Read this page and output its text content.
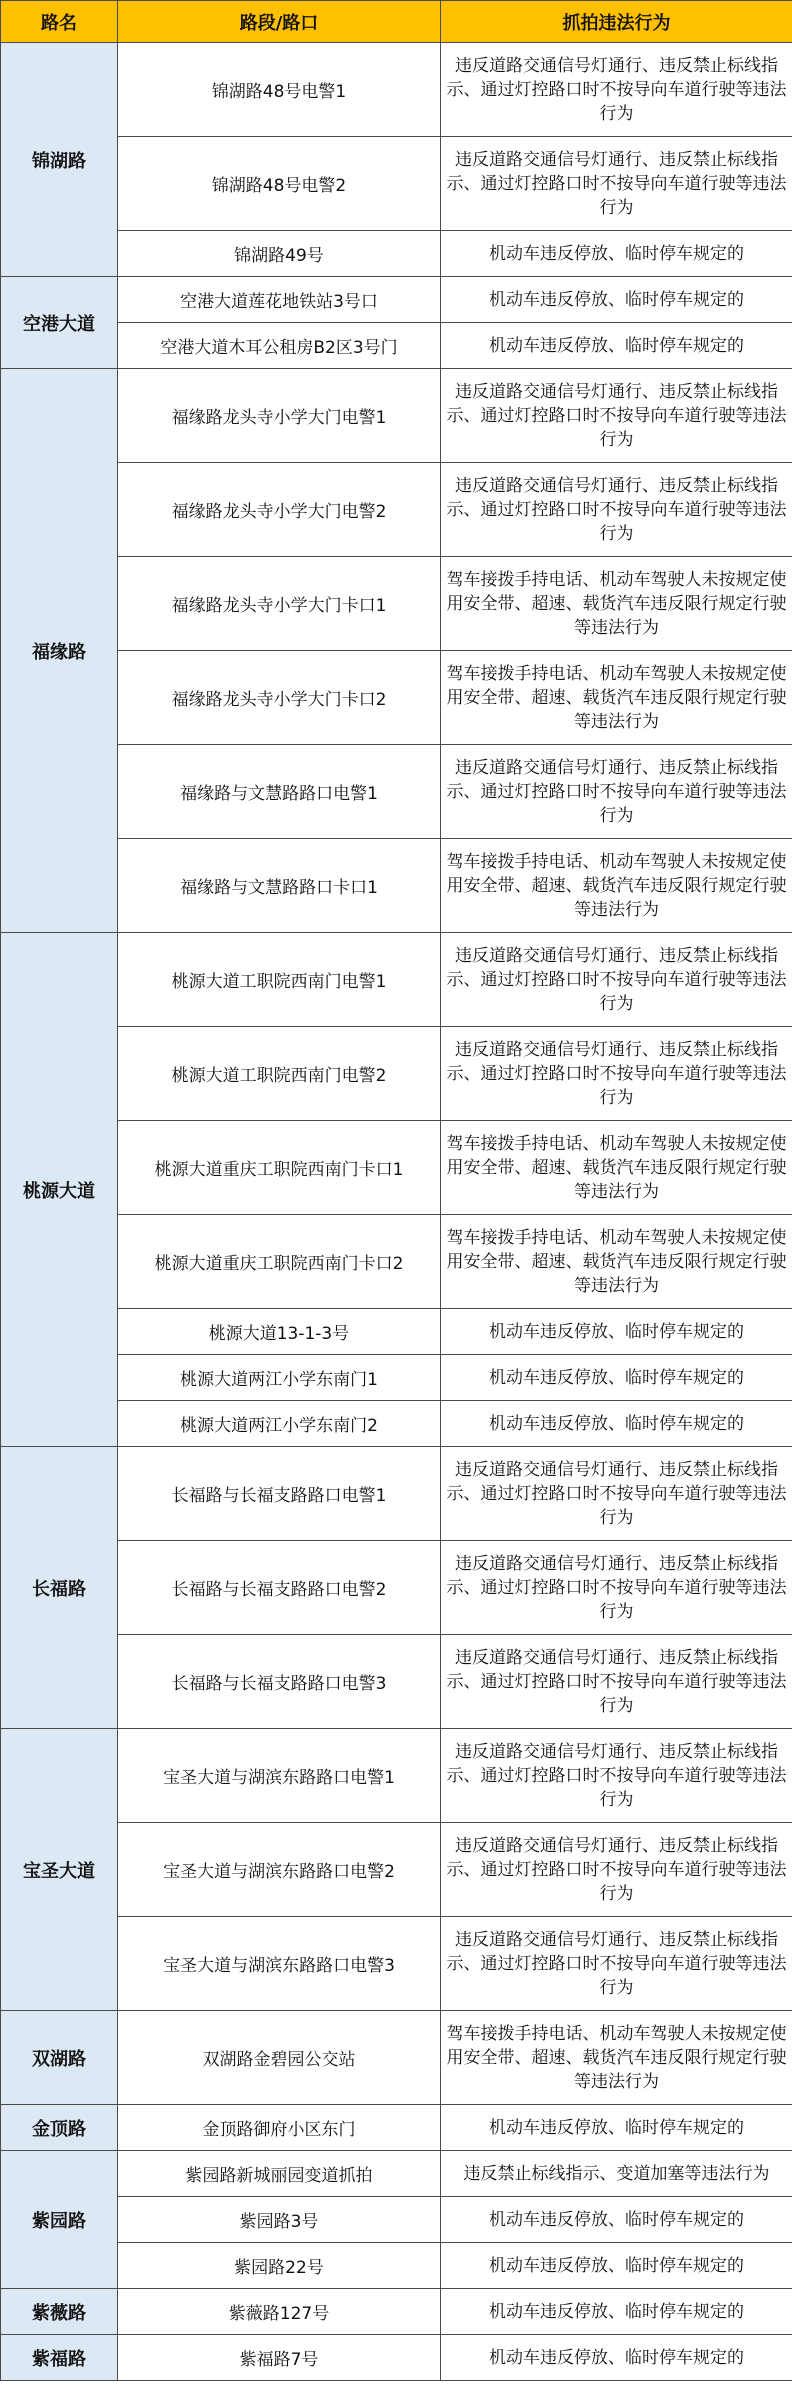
路名	路段/路口	抓拍违法行为
锦湖路	锦湖路48号电警1	违反道路交通信号灯通行、违反禁止标线指示、通过灯控路口时不按导向车道行驶等违法行为
	锦湖路48号电警2	违反道路交通信号灯通行、违反禁止标线指示、通过灯控路口时不按导向车道行驶等违法行为
	锦湖路49号	机动车违反停放、临时停车规定的
空港大道	空港大道莲花地铁站3号口	机动车违反停放、临时停车规定的
	空港大道木耳公租房B2区3号门	机动车违反停放、临时停车规定的
福缘路	福缘路龙头寺小学大门电警1	违反道路交通信号灯通行、违反禁止标线指示、通过灯控路口时不按导向车道行驶等违法行为
	福缘路龙头寺小学大门电警2	违反道路交通信号灯通行、违反禁止标线指示、通过灯控路口时不按导向车道行驶等违法行为
	福缘路龙头寺小学大门卡口1	驾车接拨手持电话、机动车驾驶人未按规定使用安全带、超速、载货汽车违反限行规定行驶等违法行为
	福缘路龙头寺小学大门卡口2	驾车接拨手持电话、机动车驾驶人未按规定使用安全带、超速、载货汽车违反限行规定行驶等违法行为
	福缘路与文慧路路口电警1	违反道路交通信号灯通行、违反禁止标线指示、通过灯控路口时不按导向车道行驶等违法行为
	福缘路与文慧路路口卡口1	驾车接拨手持电话、机动车驾驶人未按规定使用安全带、超速、载货汽车违反限行规定行驶等违法行为
桃源大道	桃源大道工职院西南门电警1	违反道路交通信号灯通行、违反禁止标线指示、通过灯控路口时不按导向车道行驶等违法行为
	桃源大道工职院西南门电警2	违反道路交通信号灯通行、违反禁止标线指示、通过灯控路口时不按导向车道行驶等违法行为
	桃源大道重庆工职院西南门卡口1	驾车接拨手持电话、机动车驾驶人未按规定使用安全带、超速、载货汽车违反限行规定行驶等违法行为
	桃源大道重庆工职院西南门卡口2	驾车接拨手持电话、机动车驾驶人未按规定使用安全带、超速、载货汽车违反限行规定行驶等违法行为
	桃源大道13-1-3号	机动车违反停放、临时停车规定的
	桃源大道两江小学东南门1	机动车违反停放、临时停车规定的
	桃源大道两江小学东南门2	机动车违反停放、临时停车规定的
长福路	长福路与长福支路路口电警1	违反道路交通信号灯通行、违反禁止标线指示、通过灯控路口时不按导向车道行驶等违法行为
	长福路与长福支路路口电警2	违反道路交通信号灯通行、违反禁止标线指示、通过灯控路口时不按导向车道行驶等违法行为
	长福路与长福支路路口电警3	违反道路交通信号灯通行、违反禁止标线指示、通过灯控路口时不按导向车道行驶等违法行为
宝圣大道	宝圣大道与湖滨东路路口电警1	违反道路交通信号灯通行、违反禁止标线指示、通过灯控路口时不按导向车道行驶等违法行为
	宝圣大道与湖滨东路路口电警2	违反道路交通信号灯通行、违反禁止标线指示、通过灯控路口时不按导向车道行驶等违法行为
	宝圣大道与湖滨东路路口电警3	违反道路交通信号灯通行、违反禁止标线指示、通过灯控路口时不按导向车道行驶等违法行为
双湖路	双湖路金碧园公交站	驾车接拨手持电话、机动车驾驶人未按规定使用安全带、超速、载货汽车违反限行规定行驶等违法行为
金顶路	金顶路御府小区东门	机动车违反停放、临时停车规定的
紫园路	紫园路新城丽园变道抓拍	违反禁止标线指示、变道加塞等违法行为
	紫园路3号	机动车违反停放、临时停车规定的
	紫园路22号	机动车违反停放、临时停车规定的
紫薇路	紫薇路127号	机动车违反停放、临时停车规定的
紫福路	紫福路7号	机动车违反停放、临时停车规定的
